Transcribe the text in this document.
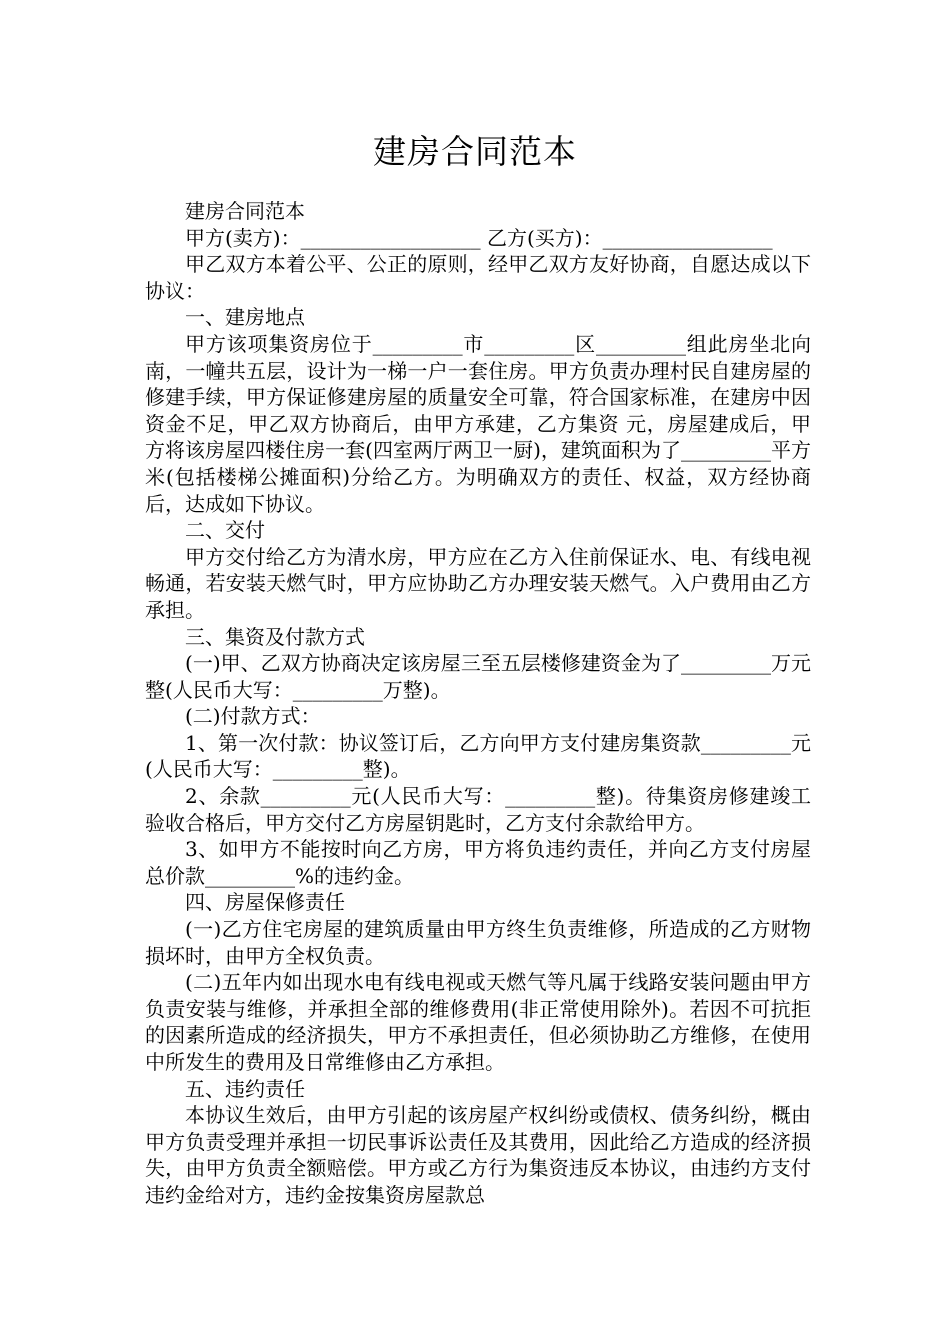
建房合同范本

建房合同范本

甲方(卖方)：__________________ 乙方(买方)：_________________

甲乙双方本着公平、公正的原则，经甲乙双方友好协商，自愿达成以下协议：

一、建房地点

甲方该项集资房位于_________市_________区_________组此房坐北向南，一幢共五层，设计为一梯一户一套住房。甲方负责办理村民自建房屋的修建手续，甲方保证修建房屋的质量安全可靠，符合国家标准，在建房中因资金不足，甲乙双方协商后，由甲方承建，乙方集资 元，房屋建成后，甲方将该房屋四楼住房一套(四室两厅两卫一厨)，建筑面积为了_________平方米(包括楼梯公摊面积)分给乙方。为明确双方的责任、权益，双方经协商后，达成如下协议。

二、交付

甲方交付给乙方为清水房，甲方应在乙方入住前保证水、电、有线电视畅通，若安装天燃气时，甲方应协助乙方办理安装天燃气。入户费用由乙方承担。

三、集资及付款方式

(一)甲、乙双方协商决定该房屋三至五层楼修建资金为了_________万元整(人民币大写：_________万整)。

(二)付款方式：

1、第一次付款：协议签订后，乙方向甲方支付建房集资款_________元(人民币大写：_________整)。

2、余款_________元(人民币大写：_________整)。待集资房修建竣工验收合格后，甲方交付乙方房屋钥匙时，乙方支付余款给甲方。

3、如甲方不能按时向乙方房，甲方将负违约责任，并向乙方支付房屋总价款_________%的违约金。

四、房屋保修责任

(一)乙方住宅房屋的建筑质量由甲方终生负责维修，所造成的乙方财物损坏时，由甲方全权负责。

(二)五年内如出现水电有线电视或天燃气等凡属于线路安装问题由甲方负责安装与维修，并承担全部的维修费用(非正常使用除外)。若因不可抗拒的因素所造成的经济损失，甲方不承担责任，但必须协助乙方维修，在使用中所发生的费用及日常维修由乙方承担。

五、违约责任

本协议生效后，由甲方引起的该房屋产权纠纷或债权、债务纠纷，概由甲方负责受理并承担一切民事诉讼责任及其费用，因此给乙方造成的经济损失，由甲方负责全额赔偿。甲方或乙方行为集资违反本协议，由违约方支付违约金给对方，违约金按集资房屋款总
